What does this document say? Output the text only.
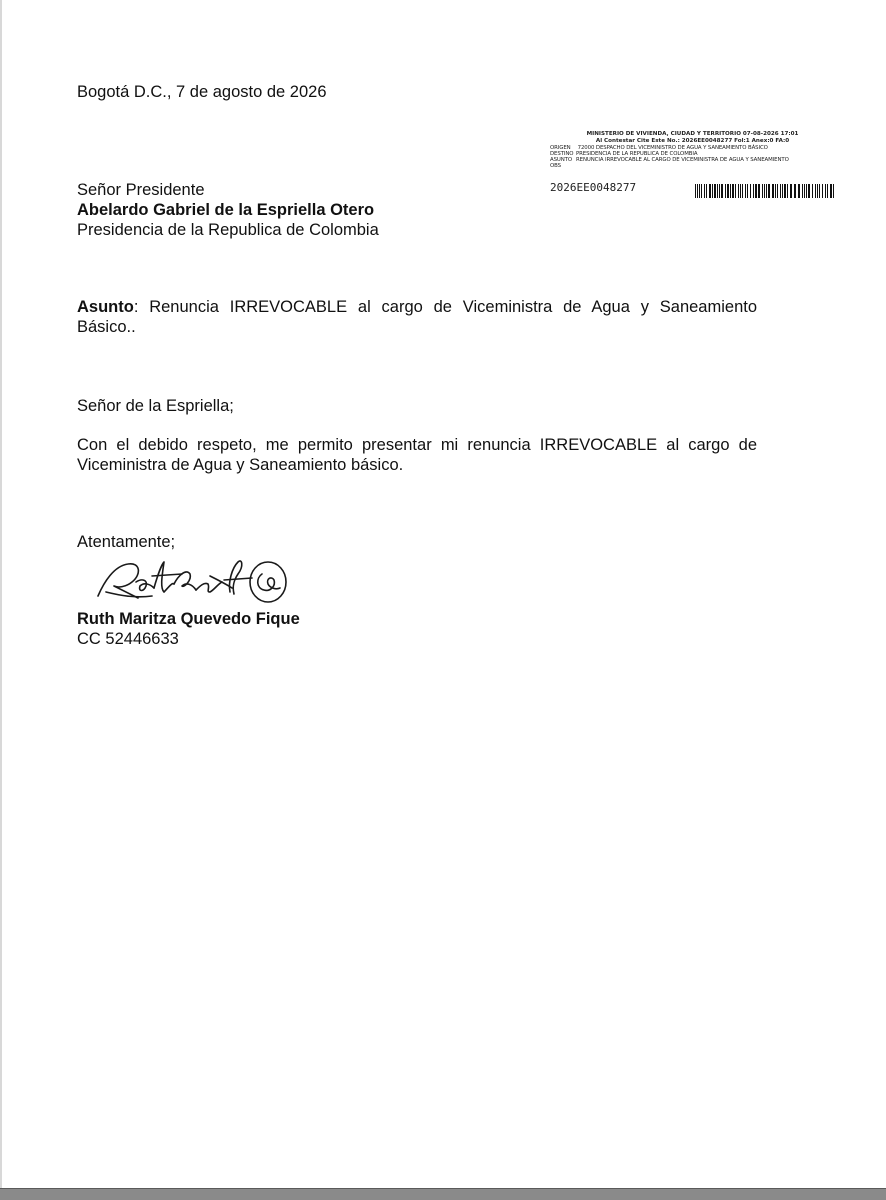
Bogotá D.C., 7 de agosto de 2026
MINISTERIO DE VIVIENDA, CIUDAD Y TERRITORIO 07-08-2026 17:01
Al Contestar Cite Este No.: 2026EE0048277 Fol:1 Anex:0 FA:0
ORIGEN 72000 DESPACHO DEL VICEMINISTRO DE AGUA Y SANEAMIENTO BÁSICO
DESTINO PRESIDENCIA DE LA REPUBLICA DE COLOMBIA
ASUNTO RENUNCIA IRREVOCABLE AL CARGO DE VICEMINISTRA DE AGUA Y SANEAMIENTO
OBS
2026EE0048277
Señor Presidente
Abelardo Gabriel de la Espriella Otero
Presidencia de la Republica de Colombia
Asunto: Renuncia IRREVOCABLE al cargo de Viceministra de Agua y Saneamiento Básico..
Señor de la Espriella;
Con el debido respeto, me permito presentar mi renuncia IRREVOCABLE al cargo de Viceministra de Agua y Saneamiento básico.
Atentamente;
Ruth Maritza Quevedo Fique
CC 52446633
